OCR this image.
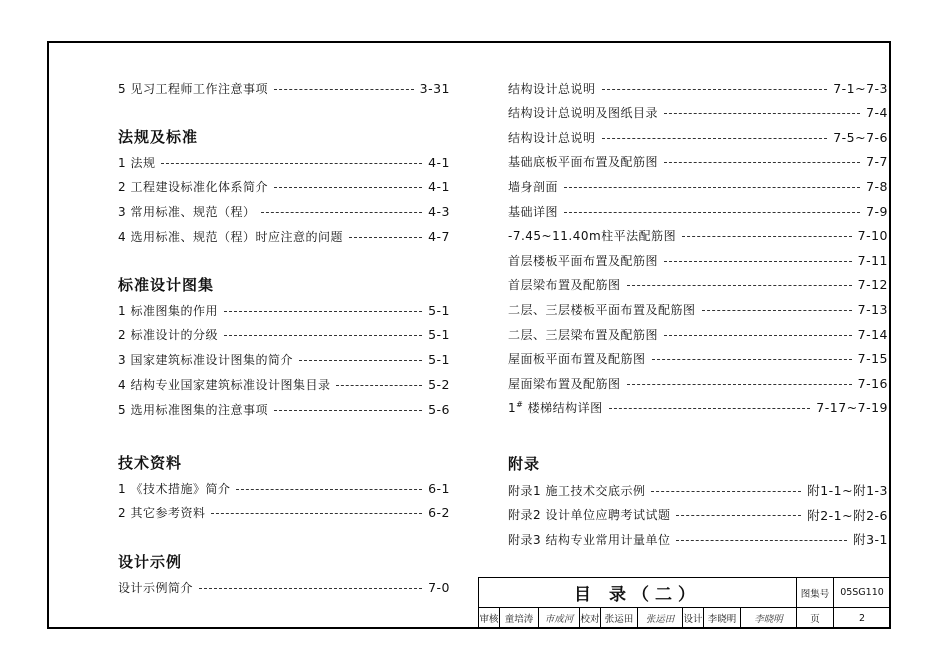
5 见习工程师工作注意事项	3-31
法规及标准
1 法规	4-1
2 工程建设标准化体系简介	4-1
3 常用标准、规范（程）	4-3
4 选用标准、规范（程）时应注意的问题	4-7
标准设计图集
1 标准图集的作用	5-1
2 标准设计的分级	5-1
3 国家建筑标准设计图集的简介	5-1
4 结构专业国家建筑标准设计图集目录	5-2
5 选用标准图集的注意事项	5-6
技术资料
1 《技术措施》简介	6-1
2 其它参考资料	6-2
设计示例
设计示例简介	7-0
结构设计总说明	7-1~7-3
结构设计总说明及图纸目录	7-4
结构设计总说明	7-5~7-6
基础底板平面布置及配筋图	7-7
墙身剖面	7-8
基础详图	7-9
-7.45~11.40m柱平法配筋图	7-10
首层楼板平面布置及配筋图	7-11
首层梁布置及配筋图	7-12
二层、三层楼板平面布置及配筋图	7-13
二层、三层梁布置及配筋图	7-14
屋面板平面布置及配筋图	7-15
屋面梁布置及配筋图	7-16
1# 楼梯结构详图	7-17~7-19
附录
附录1 施工技术交底示例	附1-1~附1-3
附录2 设计单位应聘考试试题	附2-1~附2-6
附录3 结构专业常用计量单位	附3-1
目 录（二）									图集号	05SG110
审核	童培涛	市成河	校对	张运田	张运田	设计	李晓明	李晓明	页	2
